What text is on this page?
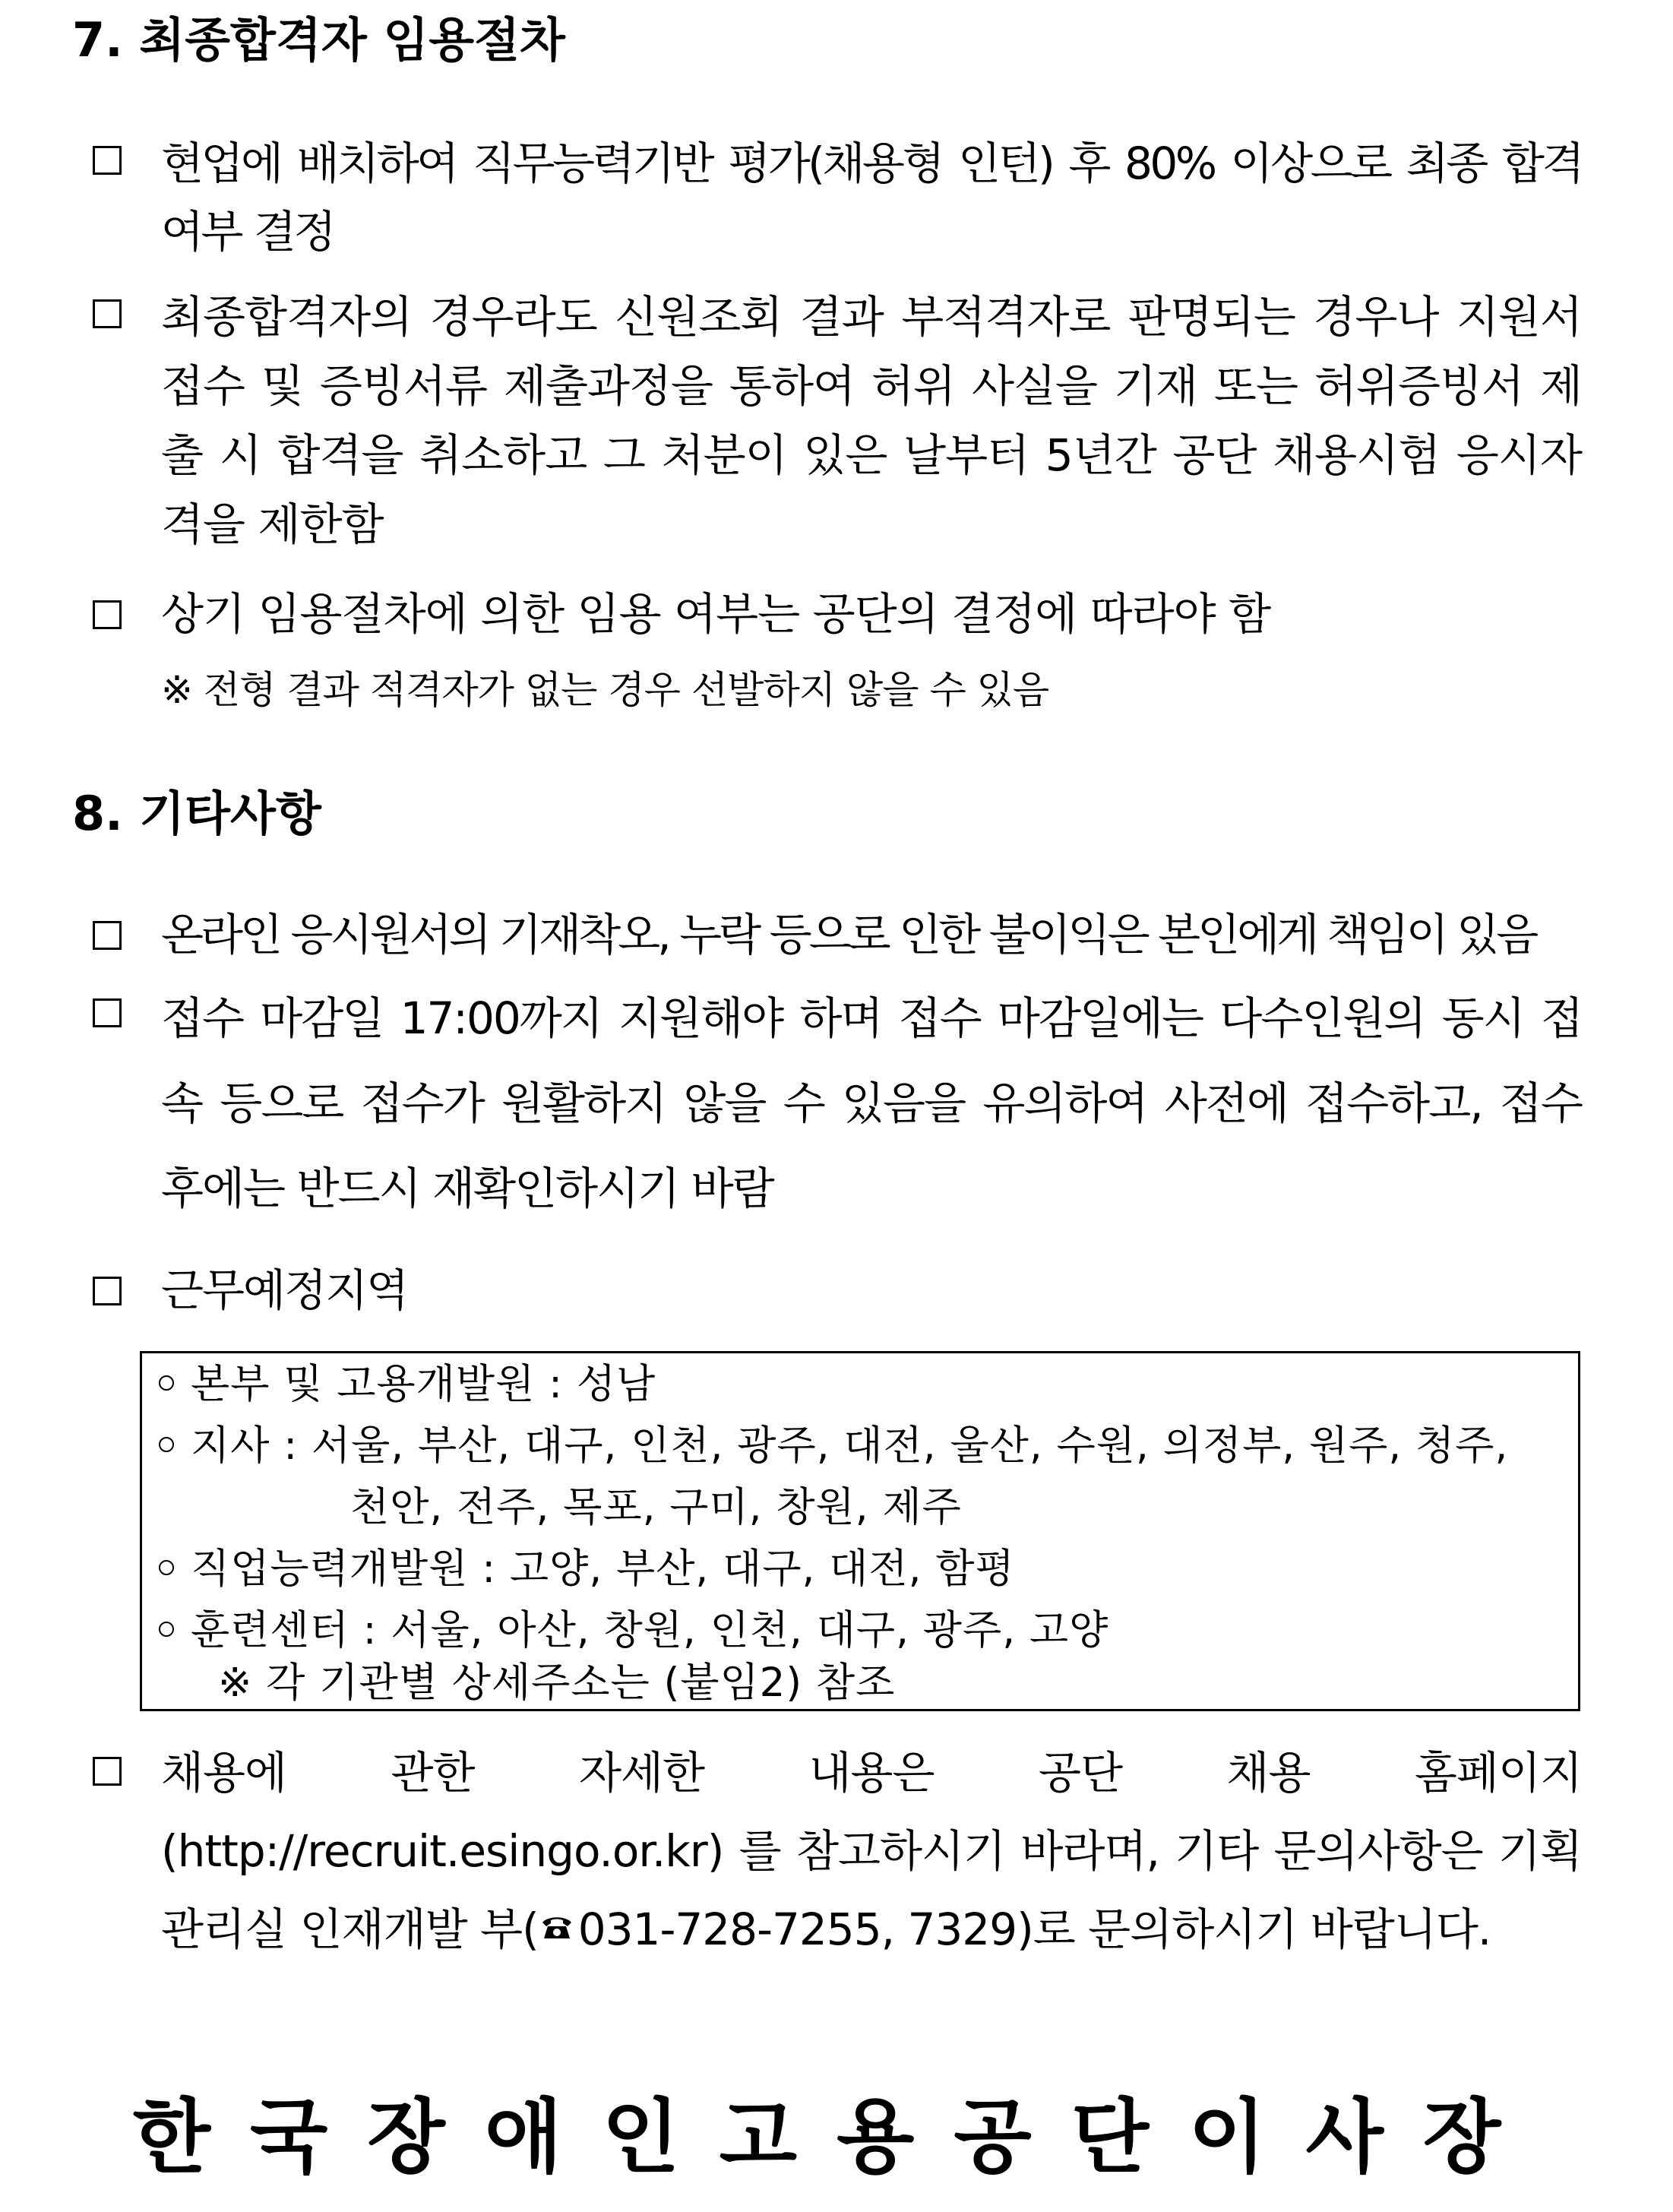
7. 최종합격자 임용절차
현업에 배치하여 직무능력기반 평가(채용형 인턴) 후 80% 이상으로 최종 합격 여부 결정
최종합격자의 경우라도 신원조회 결과 부적격자로 판명되는 경우나 지원서 접수 및 증빙서류 제출과정을 통하여 허위 사실을 기재 또는 허위증빙서 제출 시 합격을 취소하고 그 처분이 있은 날부터 5년간 공단 채용시험 응시자격을 제한함
상기 임용절차에 의한 임용 여부는 공단의 결정에 따라야 함
※ 전형 결과 적격자가 없는 경우 선발하지 않을 수 있음
8. 기타사항
온라인 응시원서의 기재착오, 누락 등으로 인한 불이익은 본인에게 책임이 있음
접수 마감일 17:00까지 지원해야 하며 접수 마감일에는 다수인원의 동시 접속 등으로 접수가 원활하지 않을 수 있음을 유의하여 사전에 접수하고, 접수 후에는 반드시 재확인하시기 바람
근무예정지역
본부 및 고용개발원 : 성남
지사 : 서울, 부산, 대구, 인천, 광주, 대전, 울산, 수원, 의정부, 원주, 청주,
천안, 전주, 목포, 구미, 창원, 제주
직업능력개발원 : 고양, 부산, 대구, 대전, 함평
훈련센터 : 서울, 아산, 창원, 인천, 대구, 광주, 고양
※ 각 기관별 상세주소는 (붙임2) 참조
채용에 관한 자세한 내용은 공단 채용 홈페이지(http://recruit.esingo.or.kr) 를 참고하시기 바라며, 기타 문의사항은 기획관리실 인재개발 부( 031-728-7255, 7329)로 문의하시기 바랍니다.
한국장애인고용공단이사장
